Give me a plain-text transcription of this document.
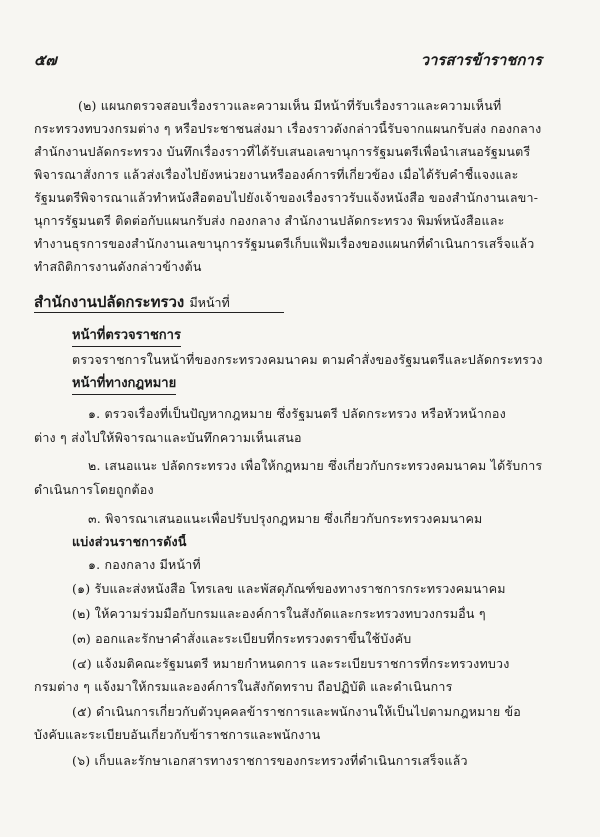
๕๗	วารสารข้าราชการ
(๒) แผนกตรวจสอบเรื่องราวและความเห็น มีหน้าที่รับเรื่องราวและความเห็นที่
กระทรวงทบวงกรมต่าง ๆ หรือประชาชนส่งมา เรื่องราวดังกล่าวนี้รับจากแผนกรับส่ง กองกลาง
สำนักงานปลัดกระทรวง บันทึกเรื่องราวที่ได้รับเสนอเลขานุการรัฐมนตรีเพื่อนำเสนอรัฐมนตรี
พิจารณาสั่งการ แล้วส่งเรื่องไปยังหน่วยงานหรือองค์การที่เกี่ยวข้อง เมื่อได้รับคำชี้แจงและ
รัฐมนตรีพิจารณาแล้วทำหนังสือตอบไปยังเจ้าของเรื่องราวรับแจ้งหนังสือ ของสำนักงานเลขา-
นุการรัฐมนตรี ติดต่อกับแผนกรับส่ง กองกลาง สำนักงานปลัดกระทรวง พิมพ์หนังสือและ
ทำงานธุรการของสำนักงานเลขานุการรัฐมนตรีเก็บแฟ้มเรื่องของแผนกที่ดำเนินการเสร็จแล้ว
ทำสถิติการงานดังกล่าวข้างต้น
สำนักงานปลัดกระทรวง มีหน้าที่
หน้าที่ตรวจราชการ
ตรวจราชการในหน้าที่ของกระทรวงคมนาคม ตามคำสั่งของรัฐมนตรีและปลัดกระทรวง
หน้าที่ทางกฎหมาย
๑. ตรวจเรื่องที่เป็นปัญหากฎหมาย ซึ่งรัฐมนตรี ปลัดกระทรวง หรือหัวหน้ากอง
ต่าง ๆ ส่งไปให้พิจารณาและบันทึกความเห็นเสนอ
๒. เสนอแนะ ปลัดกระทรวง เพื่อให้กฎหมาย ซึ่งเกี่ยวกับกระทรวงคมนาคม ได้รับการ
ดำเนินการโดยถูกต้อง
๓. พิจารณาเสนอแนะเพื่อปรับปรุงกฎหมาย ซึ่งเกี่ยวกับกระทรวงคมนาคม
แบ่งส่วนราชการดังนี้
๑. กองกลาง มีหน้าที่
(๑) รับและส่งหนังสือ โทรเลข และพัสดุภัณฑ์ของทางราชการกระทรวงคมนาคม
(๒) ให้ความร่วมมือกับกรมและองค์การในสังกัดและกระทรวงทบวงกรมอื่น ๆ
(๓) ออกและรักษาคำสั่งและระเบียบที่กระทรวงตราขึ้นใช้บังคับ
(๔) แจ้งมติคณะรัฐมนตรี หมายกำหนดการ และระเบียบราชการที่กระทรวงทบวง
กรมต่าง ๆ แจ้งมาให้กรมและองค์การในสังกัดทราบ ถือปฏิบัติ และดำเนินการ
(๕) ดำเนินการเกี่ยวกับตัวบุคคลข้าราชการและพนักงานให้เป็นไปตามกฎหมาย ข้อ
บังคับและระเบียบอันเกี่ยวกับข้าราชการและพนักงาน
(๖) เก็บและรักษาเอกสารทางราชการของกระทรวงที่ดำเนินการเสร็จแล้ว
